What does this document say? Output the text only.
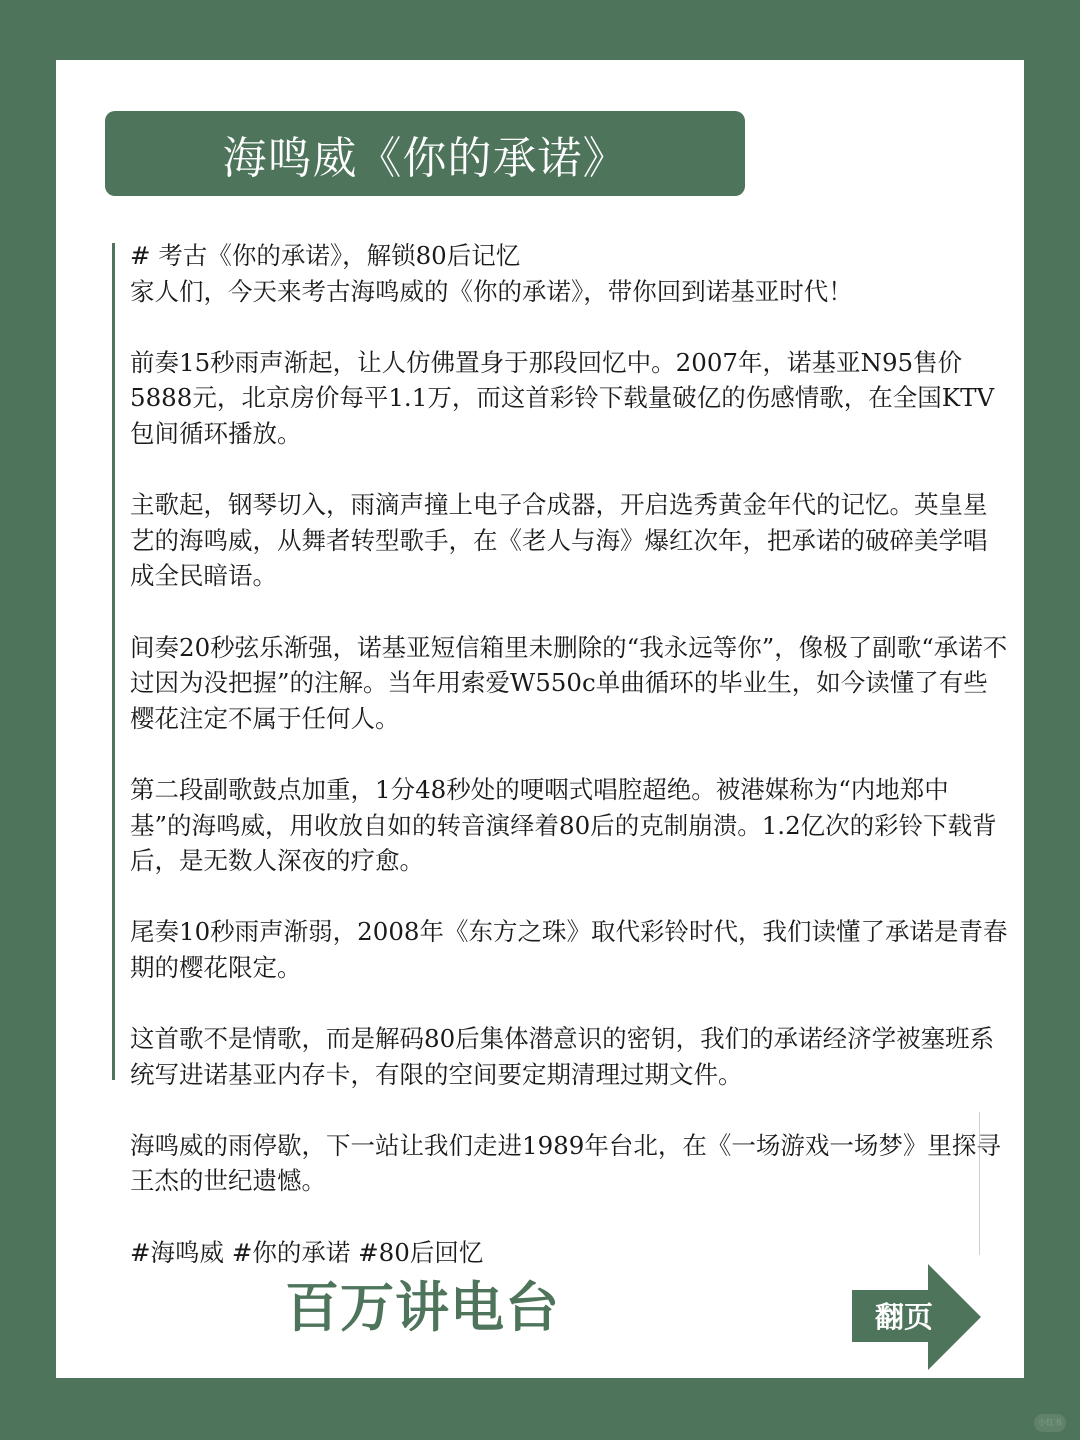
海鸣威《你的承诺》

# 考古《你的承诺》，解锁80后记忆

家人们，今天来考古海鸣威的《你的承诺》，带你回到诺基亚时代！

前奏15秒雨声渐起，让人仿佛置身于那段回忆中。2007年，诺基亚N95售价5888元，北京房价每平1.1万，而这首彩铃下载量破亿的伤感情歌，在全国KTV包间循环播放。

主歌起，钢琴切入，雨滴声撞上电子合成器，开启选秀黄金年代的记忆。英皇星艺的海鸣威，从舞者转型歌手，在《老人与海》爆红次年，把承诺的破碎美学唱成全民暗语。

间奏20秒弦乐渐强，诺基亚短信箱里未删除的“我永远等你”，像极了副歌“承诺不过因为没把握”的注解。当年用索爱W550c单曲循环的毕业生，如今读懂了有些樱花注定不属于任何人。

第二段副歌鼓点加重，1分48秒处的哽咽式唱腔超绝。被港媒称为“内地郑中基”的海鸣威，用收放自如的转音演绎着80后的克制崩溃。1.2亿次的彩铃下载背后，是无数人深夜的疗愈。

尾奏10秒雨声渐弱，2008年《东方之珠》取代彩铃时代，我们读懂了承诺是青春期的樱花限定。

这首歌不是情歌，而是解码80后集体潜意识的密钥，我们的承诺经济学被塞班系统写进诺基亚内存卡，有限的空间要定期清理过期文件。

海鸣威的雨停歇，下一站让我们走进1989年台北，在《一场游戏一场梦》里探寻王杰的世纪遗憾。

#海鸣威 #你的承诺 #80后回忆

百万讲电台	翻页
小红书
